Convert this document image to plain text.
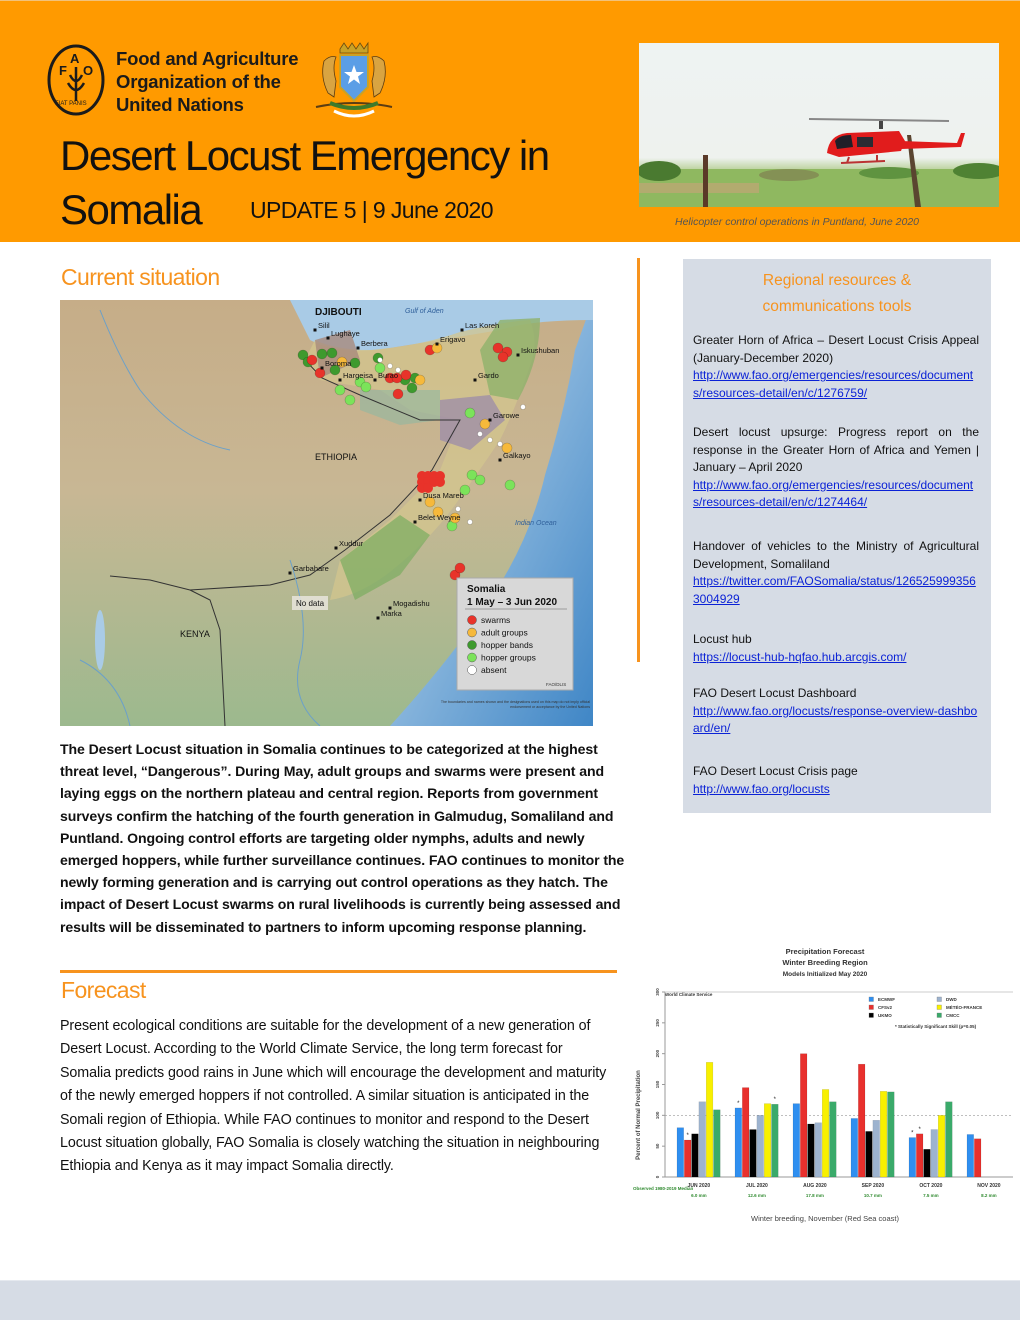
F
A
O
FIAT PANIS
Food and Agriculture
Organization of the
United Nations
Desert Locust Emergency in
Somalia	UPDATE 5 | 9 June 2020	Helicopter control operations in Puntland, June 2020
Current situation
DJIBOUTI
ETHIOPIA
KENYA
Gulf of Aden
Indian Ocean
Silil
Lughaye
Berbera	Erigavo
Las Koreh
Iskushuban
Boroma
Hargeisa Burao	Gardo
Garowe
Galkayo
Dusa Mareb
Belet Weyne
Xuddur
Garbahare
Mogadishu
Marka
No data
Somalia
1 May – 3 Jun 2020
swarms
adult groups
hopper bands
hopper groups
absent
FAO/DLIS
The boundaries and names shown and the designations used on this map do not imply official endorsement or acceptance by the United Nations
The Desert Locust situation in Somalia continues to be categorized at the highest threat level, “Dangerous”. During May, adult groups and swarms were present and laying eggs on the northern plateau and central region. Reports from government surveys confirm the hatching of the fourth generation in Galmudug, Somaliland and Puntland. Ongoing control efforts are targeting older nymphs, adults and newly emerged hoppers, while further surveillance continues. FAO continues to monitor the newly forming generation and is carrying out control operations as they hatch. The impact of Desert Locust swarms on rural livelihoods is currently being assessed and results will be disseminated to partners to inform upcoming response planning.
Forecast
Present ecological conditions are suitable for the development of a new generation of Desert Locust. According to the World Climate Service, the long term forecast for Somalia predicts good rains in June which will encourage the development and maturity of the newly emerged hoppers if not controlled. A similar situation is anticipated in the Somali region of Ethiopia. While FAO continues to monitor and respond to the Desert Locust situation globally, FAO Somalia is closely watching the situation in neighbouring Ethiopia and Kenya as it may impact Somalia directly.
Regional resources &
communications tools
Greater Horn of Africa – Desert Locust Crisis Appeal (January-December 2020)
http://www.fao.org/emergencies/resources/documents/resources-detail/en/c/1276759/
Desert locust upsurge: Progress report on the response in the Greater Horn of Africa and Yemen | January – April 2020
http://www.fao.org/emergencies/resources/documents/resources-detail/en/c/1274464/
Handover of vehicles to the Ministry of Agricultural Development, Somaliland
https://twitter.com/FAOSomalia/status/1265259993563004929
Locust hub
https://locust-hub-hqfao.hub.arcgis.com/
FAO Desert Locust Dashboard
http://www.fao.org/locusts/response-overview-dashboard/en/
FAO Desert Locust Crisis page
http://www.fao.org/locusts
Precipitation Forecast
Winter Breeding Region
Models Initialized May 2020
World Climate Service
Percent of Normal Precipitation
0
50
100
150
200
250
300
*
*
*
*
*
ECMWF
CFSv2
UKMO
DWD
MÉTÉO-FRANCE
CMCC
* Statistically Significant Skill (p=0.05)
Observed 1980-2019 Median
JUN 2020
6.0 mm
JUL 2020
12.6 mm
AUG 2020
17.8 mm
SEP 2020
10.7 mm
OCT 2020
7.5 mm
NOV 2020
8.2 mm
Winter breeding, November (Red Sea coast)
